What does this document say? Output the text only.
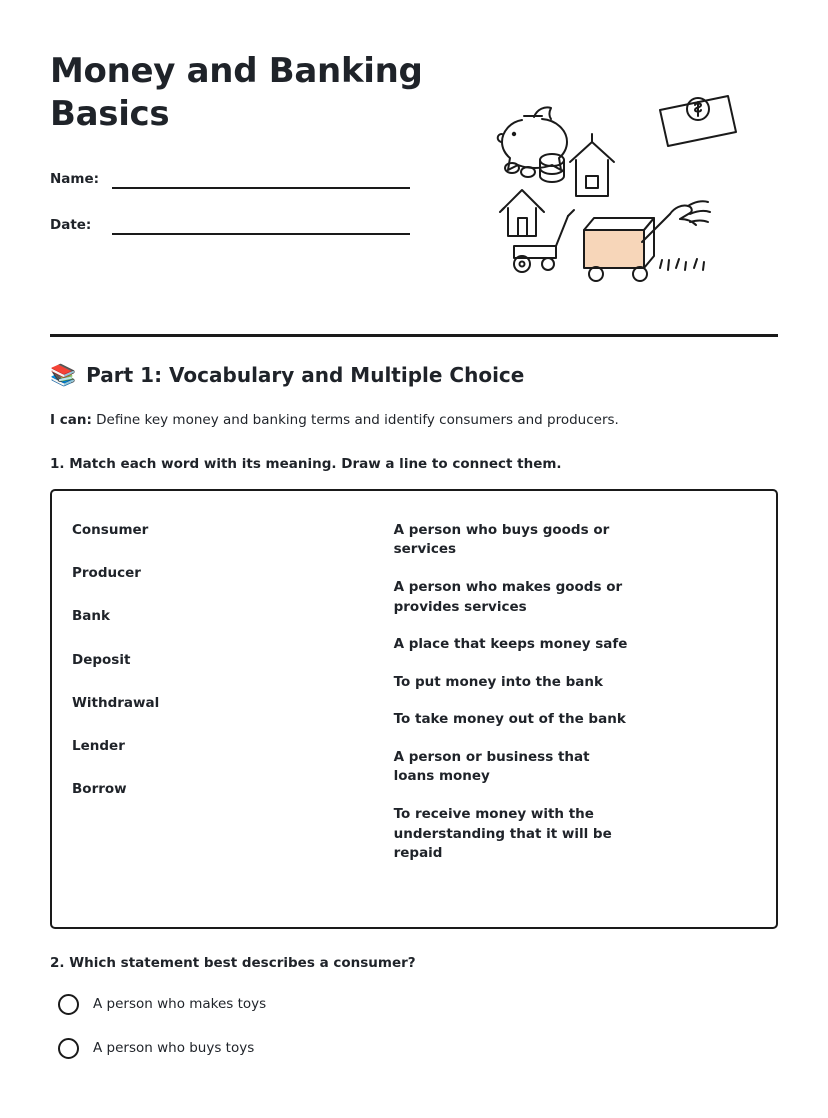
Money and Banking Basics
Name:
Date:
📚 Part 1: Vocabulary and Multiple Choice
I can: Define key money and banking terms and identify consumers and producers.
1. Match each word with its meaning. Draw a line to connect them.
Consumer
Producer
Bank
Deposit
Withdrawal
Lender
Borrow
A person who buys goods or services
A person who makes goods or provides services
A place that keeps money safe
To put money into the bank
To take money out of the bank
A person or business that loans money
To receive money with the understanding that it will be repaid
2. Which statement best describes a consumer?
A person who makes toys
A person who buys toys
